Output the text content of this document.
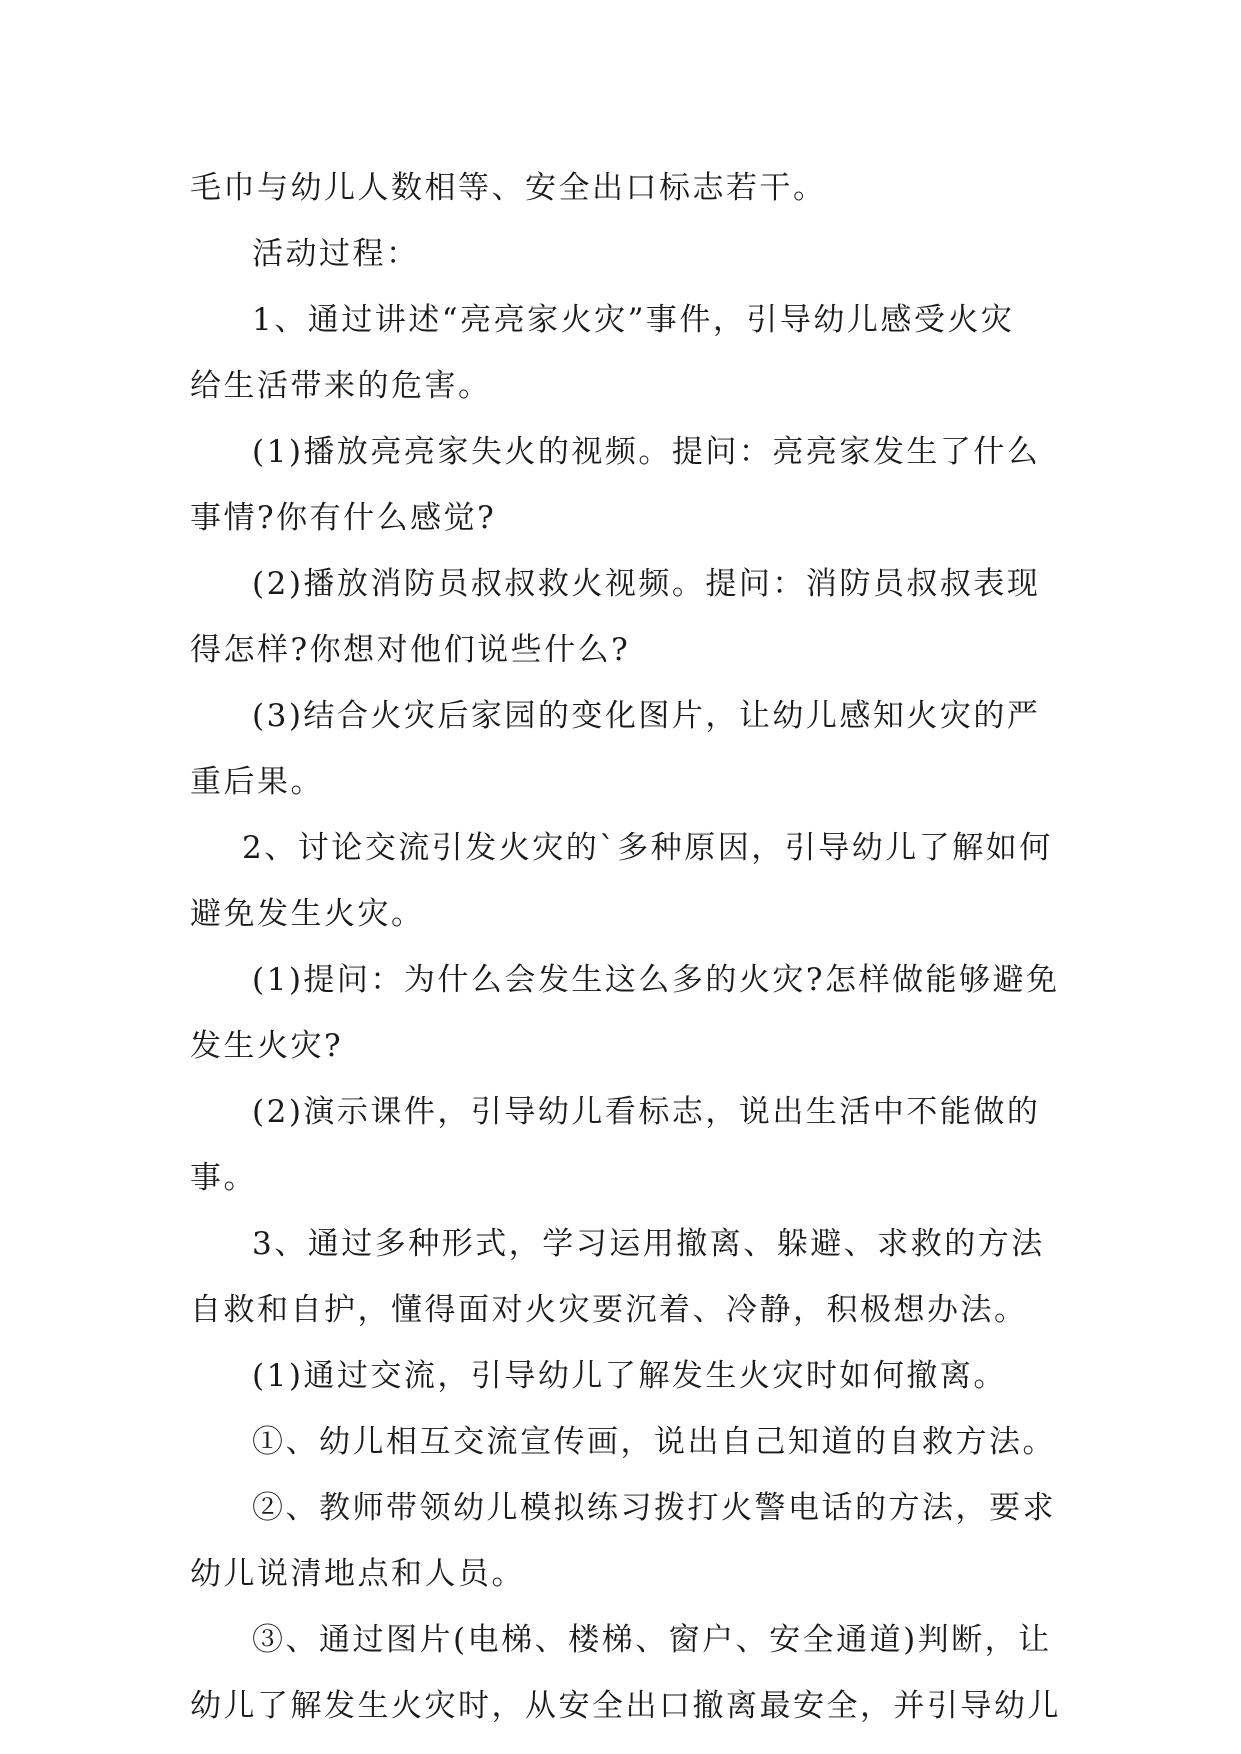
毛巾与幼儿人数相等、安全出口标志若干。

活动过程：

1、通过讲述“亮亮家火灾”事件，引导幼儿感受火灾

给生活带来的危害。

(1)播放亮亮家失火的视频。提问：亮亮家发生了什么

事情?你有什么感觉?

(2)播放消防员叔叔救火视频。提问：消防员叔叔表现

得怎样?你想对他们说些什么?

(3)结合火灾后家园的变化图片，让幼儿感知火灾的严

重后果。

2、讨论交流引发火灾的`多种原因，引导幼儿了解如何

避免发生火灾。

(1)提问：为什么会发生这么多的火灾?怎样做能够避免

发生火灾?

(2)演示课件，引导幼儿看标志，说出生活中不能做的

事。

3、通过多种形式，学习运用撤离、躲避、求救的方法

自救和自护，懂得面对火灾要沉着、冷静，积极想办法。

(1)通过交流，引导幼儿了解发生火灾时如何撤离。

①、幼儿相互交流宣传画，说出自己知道的自救方法。

②、教师带领幼儿模拟练习拨打火警电话的方法，要求

幼儿说清地点和人员。

③、通过图片(电梯、楼梯、窗户、安全通道)判断，让

幼儿了解发生火灾时，从安全出口撤离最安全，并引导幼儿
